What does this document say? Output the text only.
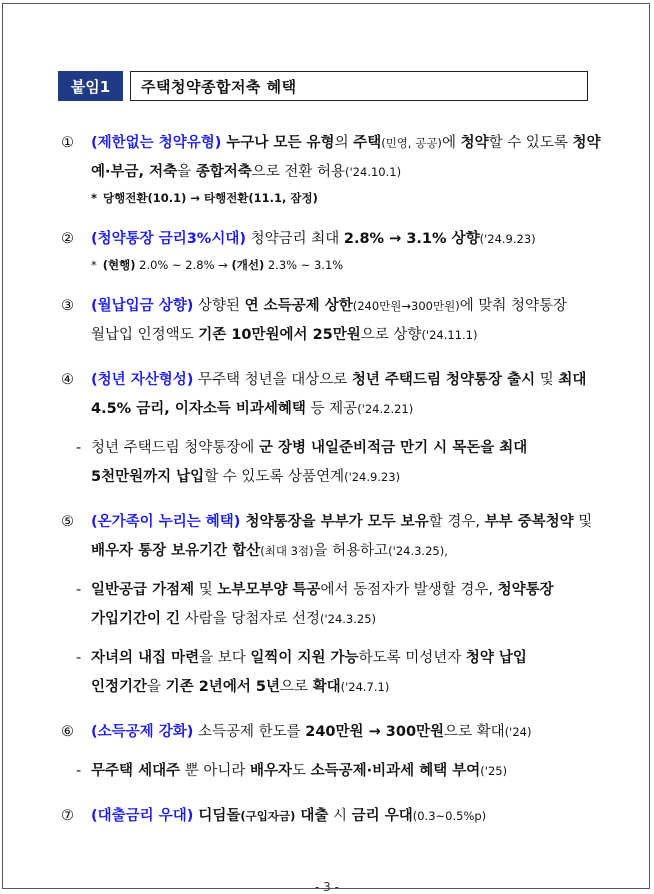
붙임1	주택청약종합저축 혜택
① (제한없는 청약유형) 누구나 모든 유형의 주택(민영, 공공)에 청약할 수 있도록 청약 예·부금, 저축을 종합저축으로 전환 허용('24.10.1)
* 당행전환(10.1) → 타행전환(11.1, 잠정)
② (청약통장 금리3%시대) 청약금리 최대 2.8% → 3.1% 상향('24.9.23)
* (현행) 2.0% ~ 2.8% → (개선) 2.3% ~ 3.1%
③ (월납입금 상향) 상향된 연 소득공제 상한(240만원→300만원)에 맞춰 청약통장 월납입 인정액도 기존 10만원에서 25만원으로 상향('24.11.1)
④ (청년 자산형성) 무주택 청년을 대상으로 청년 주택드림 청약통장 출시 및 최대 4.5% 금리, 이자소득 비과세혜택 등 제공('24.2.21)
- 청년 주택드림 청약통장에 군 장병 내일준비적금 만기 시 목돈을 최대 5천만원까지 납입할 수 있도록 상품연계('24.9.23)
⑤ (온가족이 누리는 혜택) 청약통장을 부부가 모두 보유할 경우, 부부 중복청약 및 배우자 통장 보유기간 합산(최대 3점)을 허용하고('24.3.25),
- 일반공급 가점제 및 노부모부양 특공에서 동점자가 발생할 경우, 청약통장 가입기간이 긴 사람을 당첨자로 선정('24.3.25)
- 자녀의 내집 마련을 보다 일찍이 지원 가능하도록 미성년자 청약 납입 인정기간을 기존 2년에서 5년으로 확대('24.7.1)
⑥ (소득공제 강화) 소득공제 한도를 240만원 → 300만원으로 확대('24)
- 무주택 세대주 뿐 아니라 배우자도 소득공제·비과세 혜택 부여('25)
⑦ (대출금리 우대) 디딤돌(구입자금) 대출 시 금리 우대(0.3~0.5%p)
- 3 -
